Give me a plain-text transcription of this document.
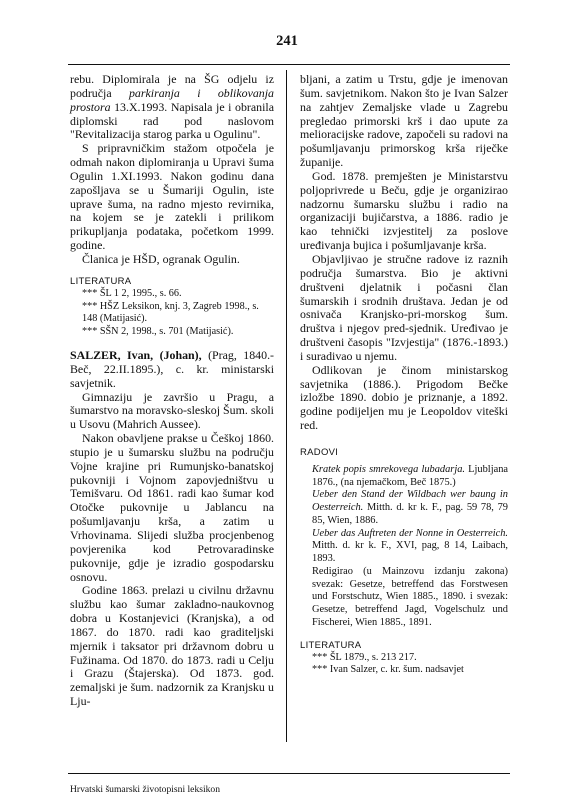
241

rebu. Diplomirala je na ŠG odjelu iz područja parkiranja i oblikovanja prostora 13.X.1993. Napisala je i obranila diplomski rad pod naslovom "Revitalizacija starog parka u Ogulinu".

S pripravničkim stažom otpočela je odmah nakon diplomiranja u Upravi šuma Ogulin 1.XI.1993. Nakon godinu dana zapošljava se u Šumariji Ogulin, iste uprave šuma, na radno mjesto revirnika, na kojem se je zatekli i prilikom prikupljanja podataka, početkom 1999. godine.

Članica je HŠD, ogranak Ogulin.

LITERATURA

*** ŠL 1 2, 1995., s. 66.

*** HŠZ Leksikon, knj. 3, Zagreb 1998., s. 148 (Matijasić).

*** SŠN 2, 1998., s. 701 (Matijasić).

SALZER, Ivan, (Johan), (Prag, 1840.-Beč, 22.II.1895.), c. kr. ministarski savjetnik.

Gimnaziju je završio u Pragu, a šumarstvo na moravsko-sleskoj Šum. skoli u Usovu (Mahrich Aussee).

Nakon obavljene prakse u Češkoj 1860. stupio je u šumarsku službu na području Vojne krajine pri Rumunjsko-banatskoj pukovniji i Vojnom zapovjedništvu u Temišvaru. Od 1861. radi kao šumar kod Otočke pukovnije u Jablancu na pošumljavanju krša, a zatim u Vrhovinama. Slijedi služba procjenbenog povjerenika kod Petrovaradinske pukovnije, gdje je izradio gospodarsku osnovu.

Godine 1863. prelazi u civilnu državnu službu kao šumar zakladno-naukovnog dobra u Kostanjevici (Kranjska), a od 1867. do 1870. radi kao graditeljski mjernik i taksator pri državnom dobru u Fužinama. Od 1870. do 1873. radi u Celju i Grazu (Štajerska). Od 1873. god. zemaljski je šum. nadzornik za Kranjsku u Lju-

bljani, a zatim u Trstu, gdje je imenovan šum. savjetnikom. Nakon što je Ivan Salzer na zahtjev Zemaljske vlade u Zagrebu pregledao primorski krš i dao upute za melioracijske radove, započeli su radovi na pošumljavanju primorskog krša riječke županije.

God. 1878. premješten je Ministarstvu poljoprivrede u Beču, gdje je organizirao nadzornu šumarsku službu i radio na organizaciji bujičarstva, a 1886. radio je kao tehnički izvjestitelj za poslove uređivanja bujica i pošumljavanje krša.

Objavljivao je stručne radove iz raznih područja šumarstva. Bio je aktivni društveni djelatnik i počasni član šumarskih i srodnih društava. Jedan je od osnivača Kranjsko-pri-morskog šum. društva i njegov pred-sjednik. Uređivao je društveni časopis "Izvjestija" (1876.-1893.) i suradivao u njemu.

Odlikovan je činom ministarskog savjetnika (1886.). Prigodom Bečke izložbe 1890. dobio je priznanje, a 1892. godine podijeljen mu je Leopoldov viteški red.

RADOVI

Kratek popis smrekovega lubadarja. Ljubljana 1876., (na njemačkom, Beč 1875.)

Ueber den Stand der Wildbach wer baung in Oesterreich. Mitth. d. kr k. F., pag. 59 78, 79 85, Wien, 1886.

Ueber das Auftreten der Nonne in Oesterreich. Mitth. d. kr k. F., XVI, pag, 8 14, Laibach, 1893.

Redigirao (u Mainzovu izdanju zakona) svezak: Gesetze, betreffend das Forstwesen und Forstschutz, Wien 1885., 1890. i svezak: Gesetze, betreffend Jagd, Vogelschulz und Fischerei, Wien 1885., 1891.

LITERATURA

*** ŠL 1879., s. 213 217.

*** Ivan Salzer, c. kr. šum. nadsavjet

Hrvatski šumarski životopisni leksikon
